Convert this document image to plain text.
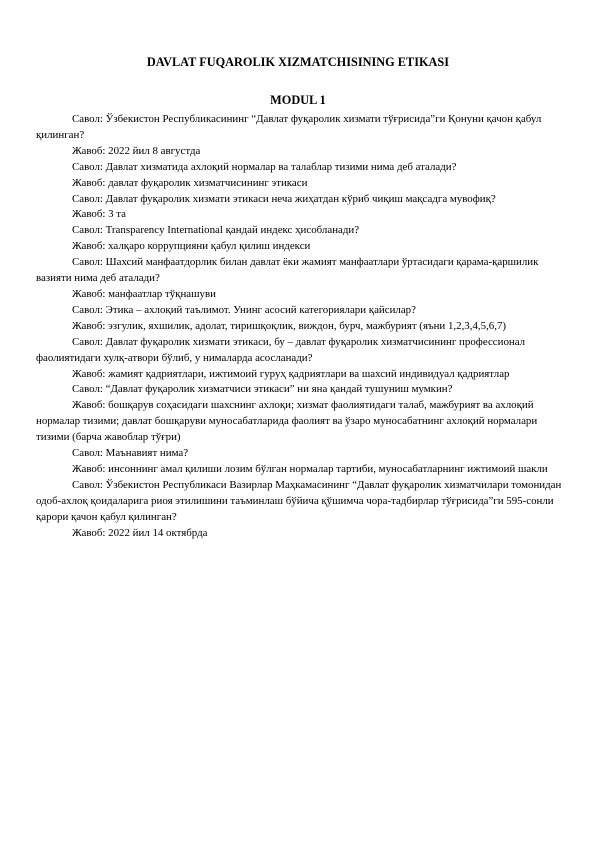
DAVLAT FUQAROLIK XIZMATCHISINING ETIKASI
MODUL 1

Савол: Ўзбекистон Республикасининг “Давлат фуқаролик хизмати тўғрисида”ги Қонуни қачон қабул қилинган?

Жавоб: 2022 йил 8 августда

Савол: Давлат хизматида ахлоқий нормалар ва талаблар тизими нима деб аталади?

Жавоб: давлат фуқаролик хизматчисининг этикаси

Савол: Давлат фуқаролик хизмати этикаси неча жиҳатдан кўриб чиқиш мақсадга мувофиқ?

Жавоб: 3 та

Савол: Transparency International қандай индекс ҳисобланади?

Жавоб: халқаро коррупцияни қабул қилиш индекси

Савол: Шахсий манфаатдорлик билан давлат ёки жамият манфаатлари ўртасидаги қарама-қаршилик вазияти нима деб аталади?

Жавоб: манфаатлар тўқнашуви

Савол: Этика – ахлоқий таълимот. Унинг асосий категориялари қайсилар?

Жавоб: эзгулик, яхшилик, адолат, тиришқоқлик, виждон, бурч, мажбурият (яъни 1,2,3,4,5,6,7)

Савол: Давлат фуқаролик хизмати этикаси, бу – давлат фуқаролик хизматчисининг профессионал фаолиятидаги хулқ-атвори бўлиб, у нималарда асосланади?

Жавоб: жамият қадриятлари, ижтимоий гуруҳ қадриятлари ва шахсий индивидуал қадриятлар

Савол: “Давлат фуқаролик хизматчиси этикаси” ни яна қандай тушуниш мумкин?

Жавоб: бошқарув соҳасидаги шахснинг ахлоқи; хизмат фаолиятидаги талаб, мажбурият ва ахлоқий нормалар тизими; давлат бошқаруви муносабатларида фаолият ва ўзаро муносабатнинг ахлоқий нормалари тизими (барча жавоблар тўғри)

Савол: Маънавият нима?

Жавоб: инсоннинг амал қилиши лозим бўлган нормалар тартиби, муносабатларнинг ижтимоий шакли

Савол: Ўзбекистон Республикаси Вазирлар Маҳкамасининг “Давлат фуқаролик хизматчилари томонидан одоб-ахлоқ қоидаларига риоя этилишини таъминлаш бўйича қўшимча чора-тадбирлар тўғрисида”ги 595-сонли қарори қачон қабул қилинган?

Жавоб: 2022 йил 14 октябрда
